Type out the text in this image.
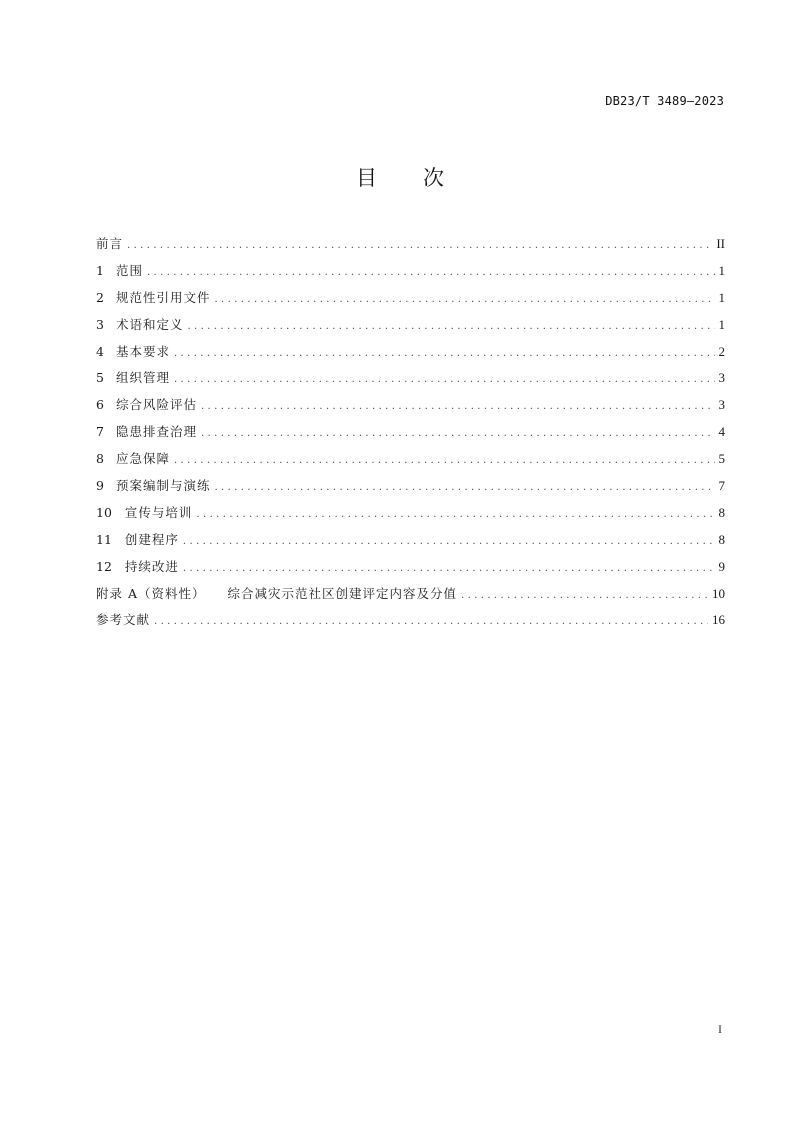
DB23/T 3489—2023
目 次
前言 .....	II
1 范围 .....	1
2 规范性引用文件 .....	1
3 术语和定义 .....	1
4 基本要求 .....	2
5 组织管理 .....	3
6 综合风险评估 .....	3
7 隐患排查治理 .....	4
8 应急保障 .....	5
9 预案编制与演练 .....	7
10 宣传与培训 .....	8
11 创建程序 .....	8
12 持续改进 .....	9
附录 A（资料性） 综合减灾示范社区创建评定内容及分值 .....	10
参考文献 .....	16
I
